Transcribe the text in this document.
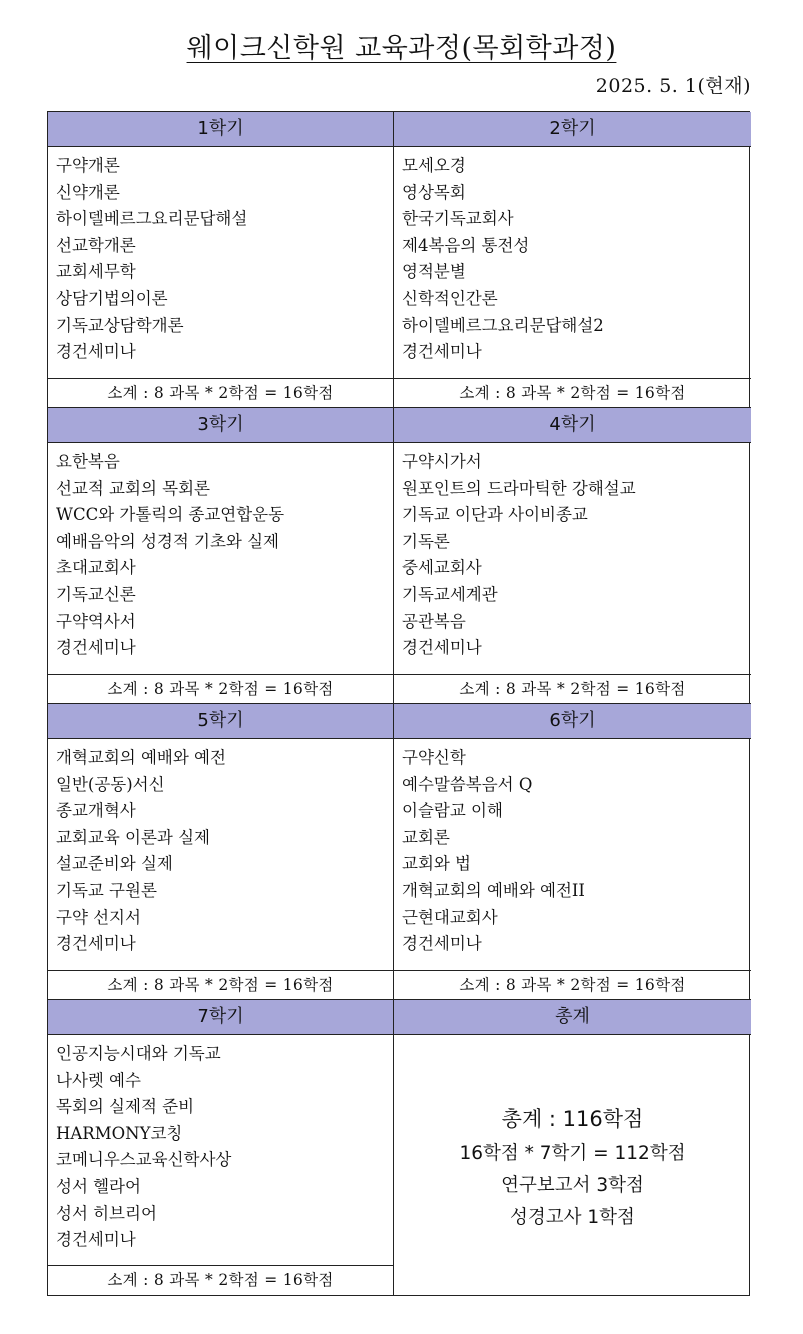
웨이크신학원 교육과정(목회학과정)
2025. 5. 1(현재)
1학기
구약개론
신약개론
하이델베르그요리문답해설
선교학개론
교회세무학
상담기법의이론
기독교상담학개론
경건세미나
소계 : 8 과목 * 2학점 = 16학점
2학기
모세오경
영상목회
한국기독교회사
제4복음의 통전성
영적분별
신학적인간론
하이델베르그요리문답해설2
경건세미나
소계 : 8 과목 * 2학점 = 16학점
3학기
요한복음
선교적 교회의 목회론
WCC와 가톨릭의 종교연합운동
예배음악의 성경적 기초와 실제
초대교회사
기독교신론
구약역사서
경건세미나
소계 : 8 과목 * 2학점 = 16학점
4학기
구약시가서
원포인트의 드라마틱한 강해설교
기독교 이단과 사이비종교
기독론
중세교회사
기독교세계관
공관복음
경건세미나
소계 : 8 과목 * 2학점 = 16학점
5학기
개혁교회의 예배와 예전
일반(공동)서신
종교개혁사
교회교육 이론과 실제
설교준비와 실제
기독교 구원론
구약 선지서
경건세미나
소계 : 8 과목 * 2학점 = 16학점
6학기
구약신학
예수말씀복음서 Q
이슬람교 이해
교회론
교회와 법
개혁교회의 예배와 예전II
근현대교회사
경건세미나
소계 : 8 과목 * 2학점 = 16학점
7학기
인공지능시대와 기독교
나사렛 예수
목회의 실제적 준비
HARMONY코칭
코메니우스교육신학사상
성서 헬라어
성서 히브리어
경건세미나
소계 : 8 과목 * 2학점 = 16학점
총계
총계 : 116학점
16학점 * 7학기 = 112학점
연구보고서 3학점
성경고사 1학점
